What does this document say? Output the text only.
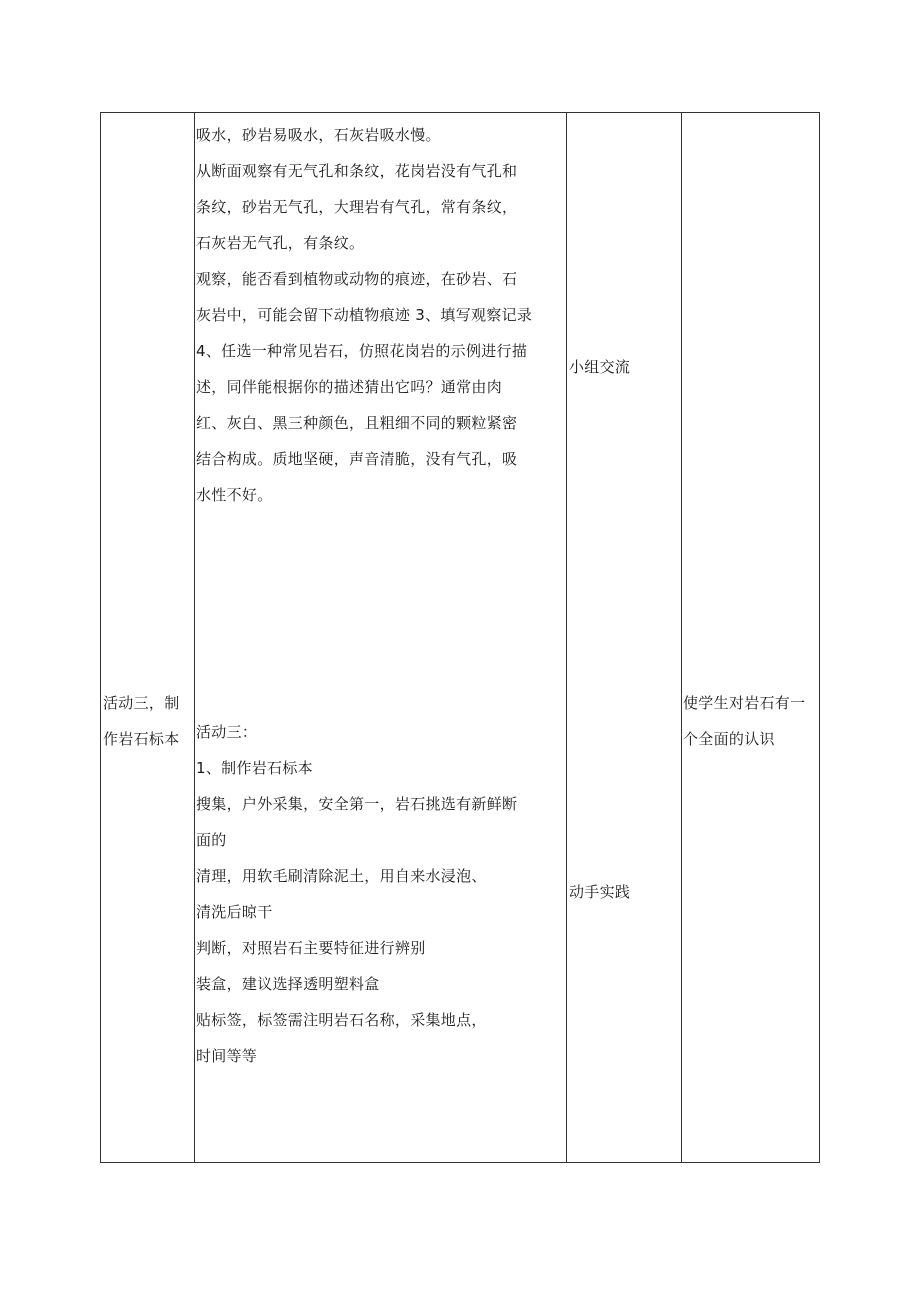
活动三，制
作岩石标本
吸水，砂岩易吸水，石灰岩吸水慢。
从断面观察有无气孔和条纹，花岗岩没有气孔和
条纹，砂岩无气孔，大理岩有气孔，常有条纹，
石灰岩无气孔，有条纹。
观察，能否看到植物或动物的痕迹，在砂岩、石
灰岩中，可能会留下动植物痕迹 3、填写观察记录
4、任选一种常见岩石，仿照花岗岩的示例进行描
述，同伴能根据你的描述猜出它吗？通常由肉
红、灰白、黑三种颜色，且粗细不同的颗粒紧密
结合构成。质地坚硬，声音清脆，没有气孔，吸
水性不好。
活动三：
1、制作岩石标本
搜集，户外采集，安全第一，岩石挑选有新鲜断
面的
清理，用软毛刷清除泥土，用自来水浸泡、
清洗后晾干
判断，对照岩石主要特征进行辨别
装盒，建议选择透明塑料盒
贴标签，标签需注明岩石名称，采集地点，
时间等等
小组交流
动手实践
使学生对岩石有一
个全面的认识
